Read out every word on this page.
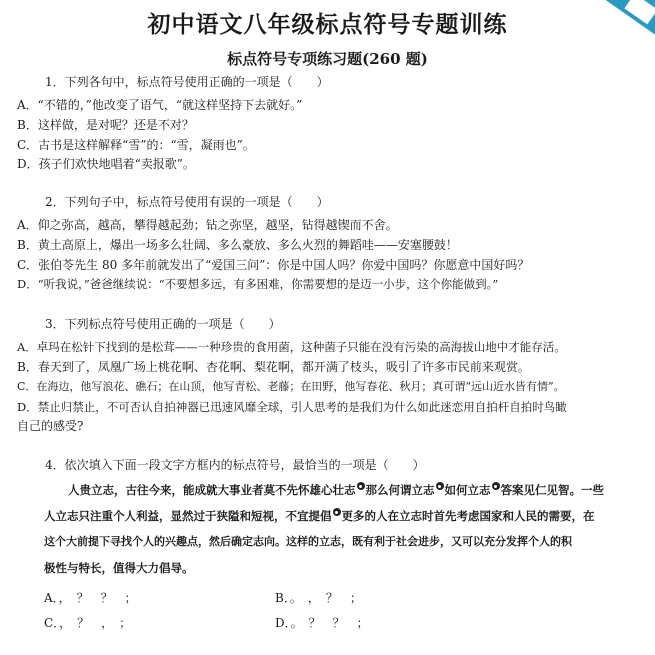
初中语文八年级标点符号专题训练
标点符号专项练习题(260 题)
1．下列各句中，标点符号使用正确的一项是（　　）
A．“不错的，”他改变了语气，“就这样坚持下去就好。”
B．这样做，是对呢？还是不对？
C．古书是这样解释“雪”的：“雪，凝雨也”。
D．孩子们欢快地唱着“卖报歌”。
2．下列句子中，标点符号使用有误的一项是（　　）
A．仰之弥高，越高，攀得越起劲；钻之弥坚，越坚，钻得越锲而不舍。
B．黄土高原上，爆出一场多么壮阔、多么豪放、多么火烈的舞蹈哇——安塞腰鼓！
C．张伯苓先生 80 多年前就发出了“爱国三问”：你是中国人吗？你爱中国吗？你愿意中国好吗？
D．“听我说，”爸爸继续说：“不要想多远，有多困难，你需要想的是迈一小步，这个你能做到。”
3．下列标点符号使用正确的一项是（　　）
A．卓玛在松针下找到的是松茸——一种珍贵的食用菌，这种菌子只能在没有污染的高海拔山地中才能存活。
B．春天到了，凤凰广场上桃花啊、杏花啊、梨花啊，都开满了枝头，吸引了许多市民前来观赏。
C．在海边，他写浪花、礁石；在山顶，他写青松、老藤；在田野，他写春花、秋月；真可谓“远山近水皆有情”。
D．禁止归禁止，不可否认自拍神器已迅速风靡全球，引人思考的是我们为什么如此迷恋用自拍杆自拍时鸟瞰
自己的感受?
4．依次填入下面一段文字方框内的标点符号，最恰当的一项是（　　）
人贵立志，古往今来，能成就大事业者莫不先怀雄心壮志 那么何谓立志 如何立志 答案见仁见智。一些
人立志只注重个人利益，显然过于狭隘和短视，不宜提倡 更多的人在立志时首先考虑国家和人民的需要，在
这个大前提下寻找个人的兴趣点，然后确定志向。这样的立志，既有利于社会进步，又可以充分发挥个人的积
极性与特长，值得大力倡导。
A．，　？　？　；	B．。　，　？　；
C．，　？　，　；	D．。　？　？　；
